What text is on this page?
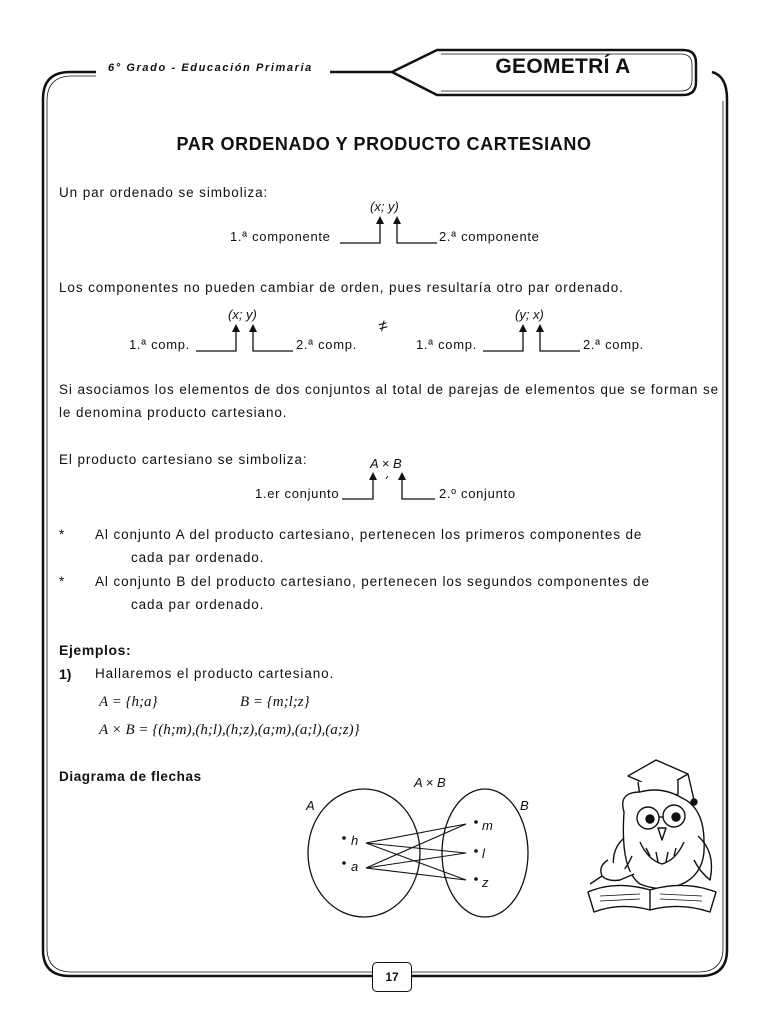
6° Grado - Educación Primaria	GEOMETRÍ A
PAR ORDENADO Y PRODUCTO CARTESIANO
Un par ordenado se simboliza:
(x; y)
1.ª componente	2.ª componente
Los componentes no pueden cambiar de orden, pues resultaría otro par ordenado.
(x; y)	(y; x)
≠
1.ª comp.	2.ª comp.	1.ª comp.	2.ª comp.
Si asociamos los elementos de dos conjuntos al total de parejas de elementos que se forman se
le denomina producto cartesiano.
El producto cartesiano se simboliza:	A × B
1.er conjunto	2.º conjunto
* Al conjunto A del producto cartesiano, pertenecen los primeros componentes de
cada par ordenado.
* Al conjunto B del producto cartesiano, pertenecen los segundos componentes de
cada par ordenado.
Ejemplos:
1) Hallaremos el producto cartesiano.
A = {h;a}	B = {m;l;z}
A × B = {(h;m),(h;l),(h;z),(a;m),(a;l),(a;z)}
Diagrama de flechas	A × B
A	B
h
a
m
l
z
17
